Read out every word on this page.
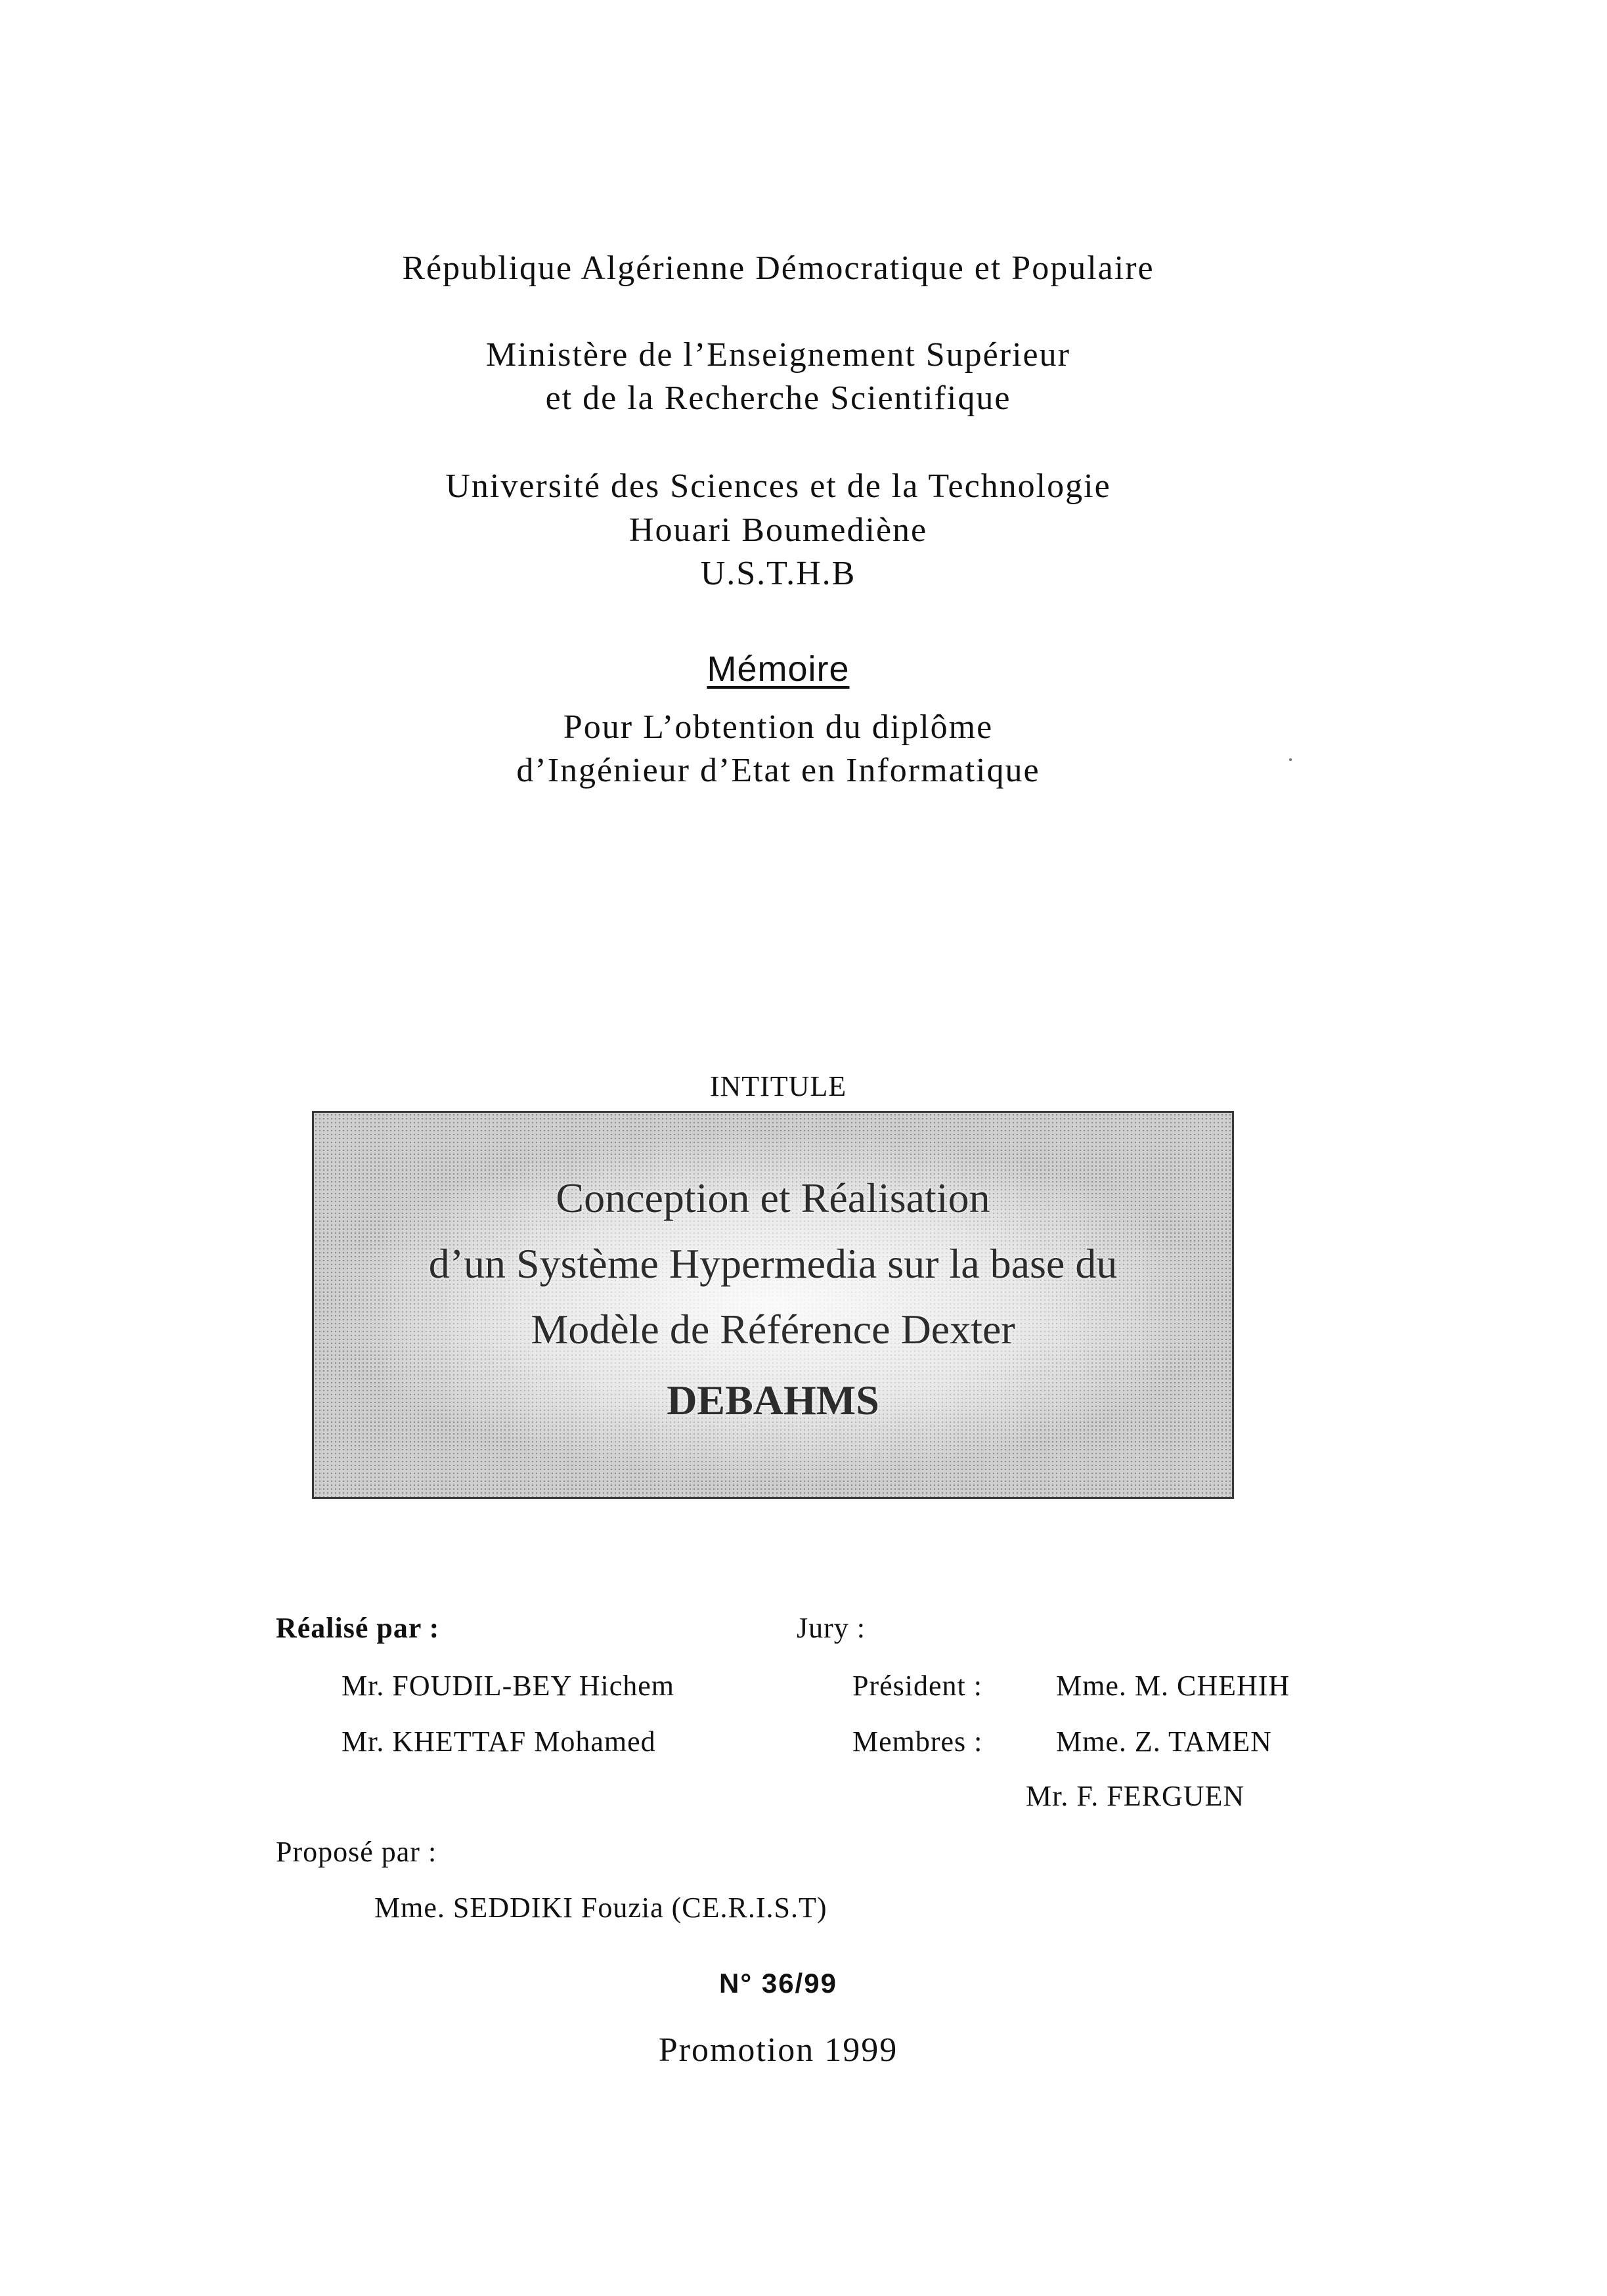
République Algérienne Démocratique et Populaire
Ministère de l’Enseignement Supérieur
et de la Recherche Scientifique
Université des Sciences et de la Technologie
Houari Boumediène
U.S.T.H.B
Mémoire
Pour L’obtention du diplôme
d’Ingénieur d’Etat en Informatique
INTITULE
Conception et Réalisation
d’un Système Hypermedia sur la base du
Modèle de Référence Dexter
DEBAHMS
Réalisé par :
Mr. FOUDIL-BEY Hichem
Mr. KHETTAF Mohamed
Jury :
Président :	Mme. M. CHEHIH
Membres :	Mme. Z. TAMEN
Mr. F. FERGUEN
Proposé par :
Mme. SEDDIKI Fouzia (CE.R.I.S.T)
N° 36/99
Promotion 1999
